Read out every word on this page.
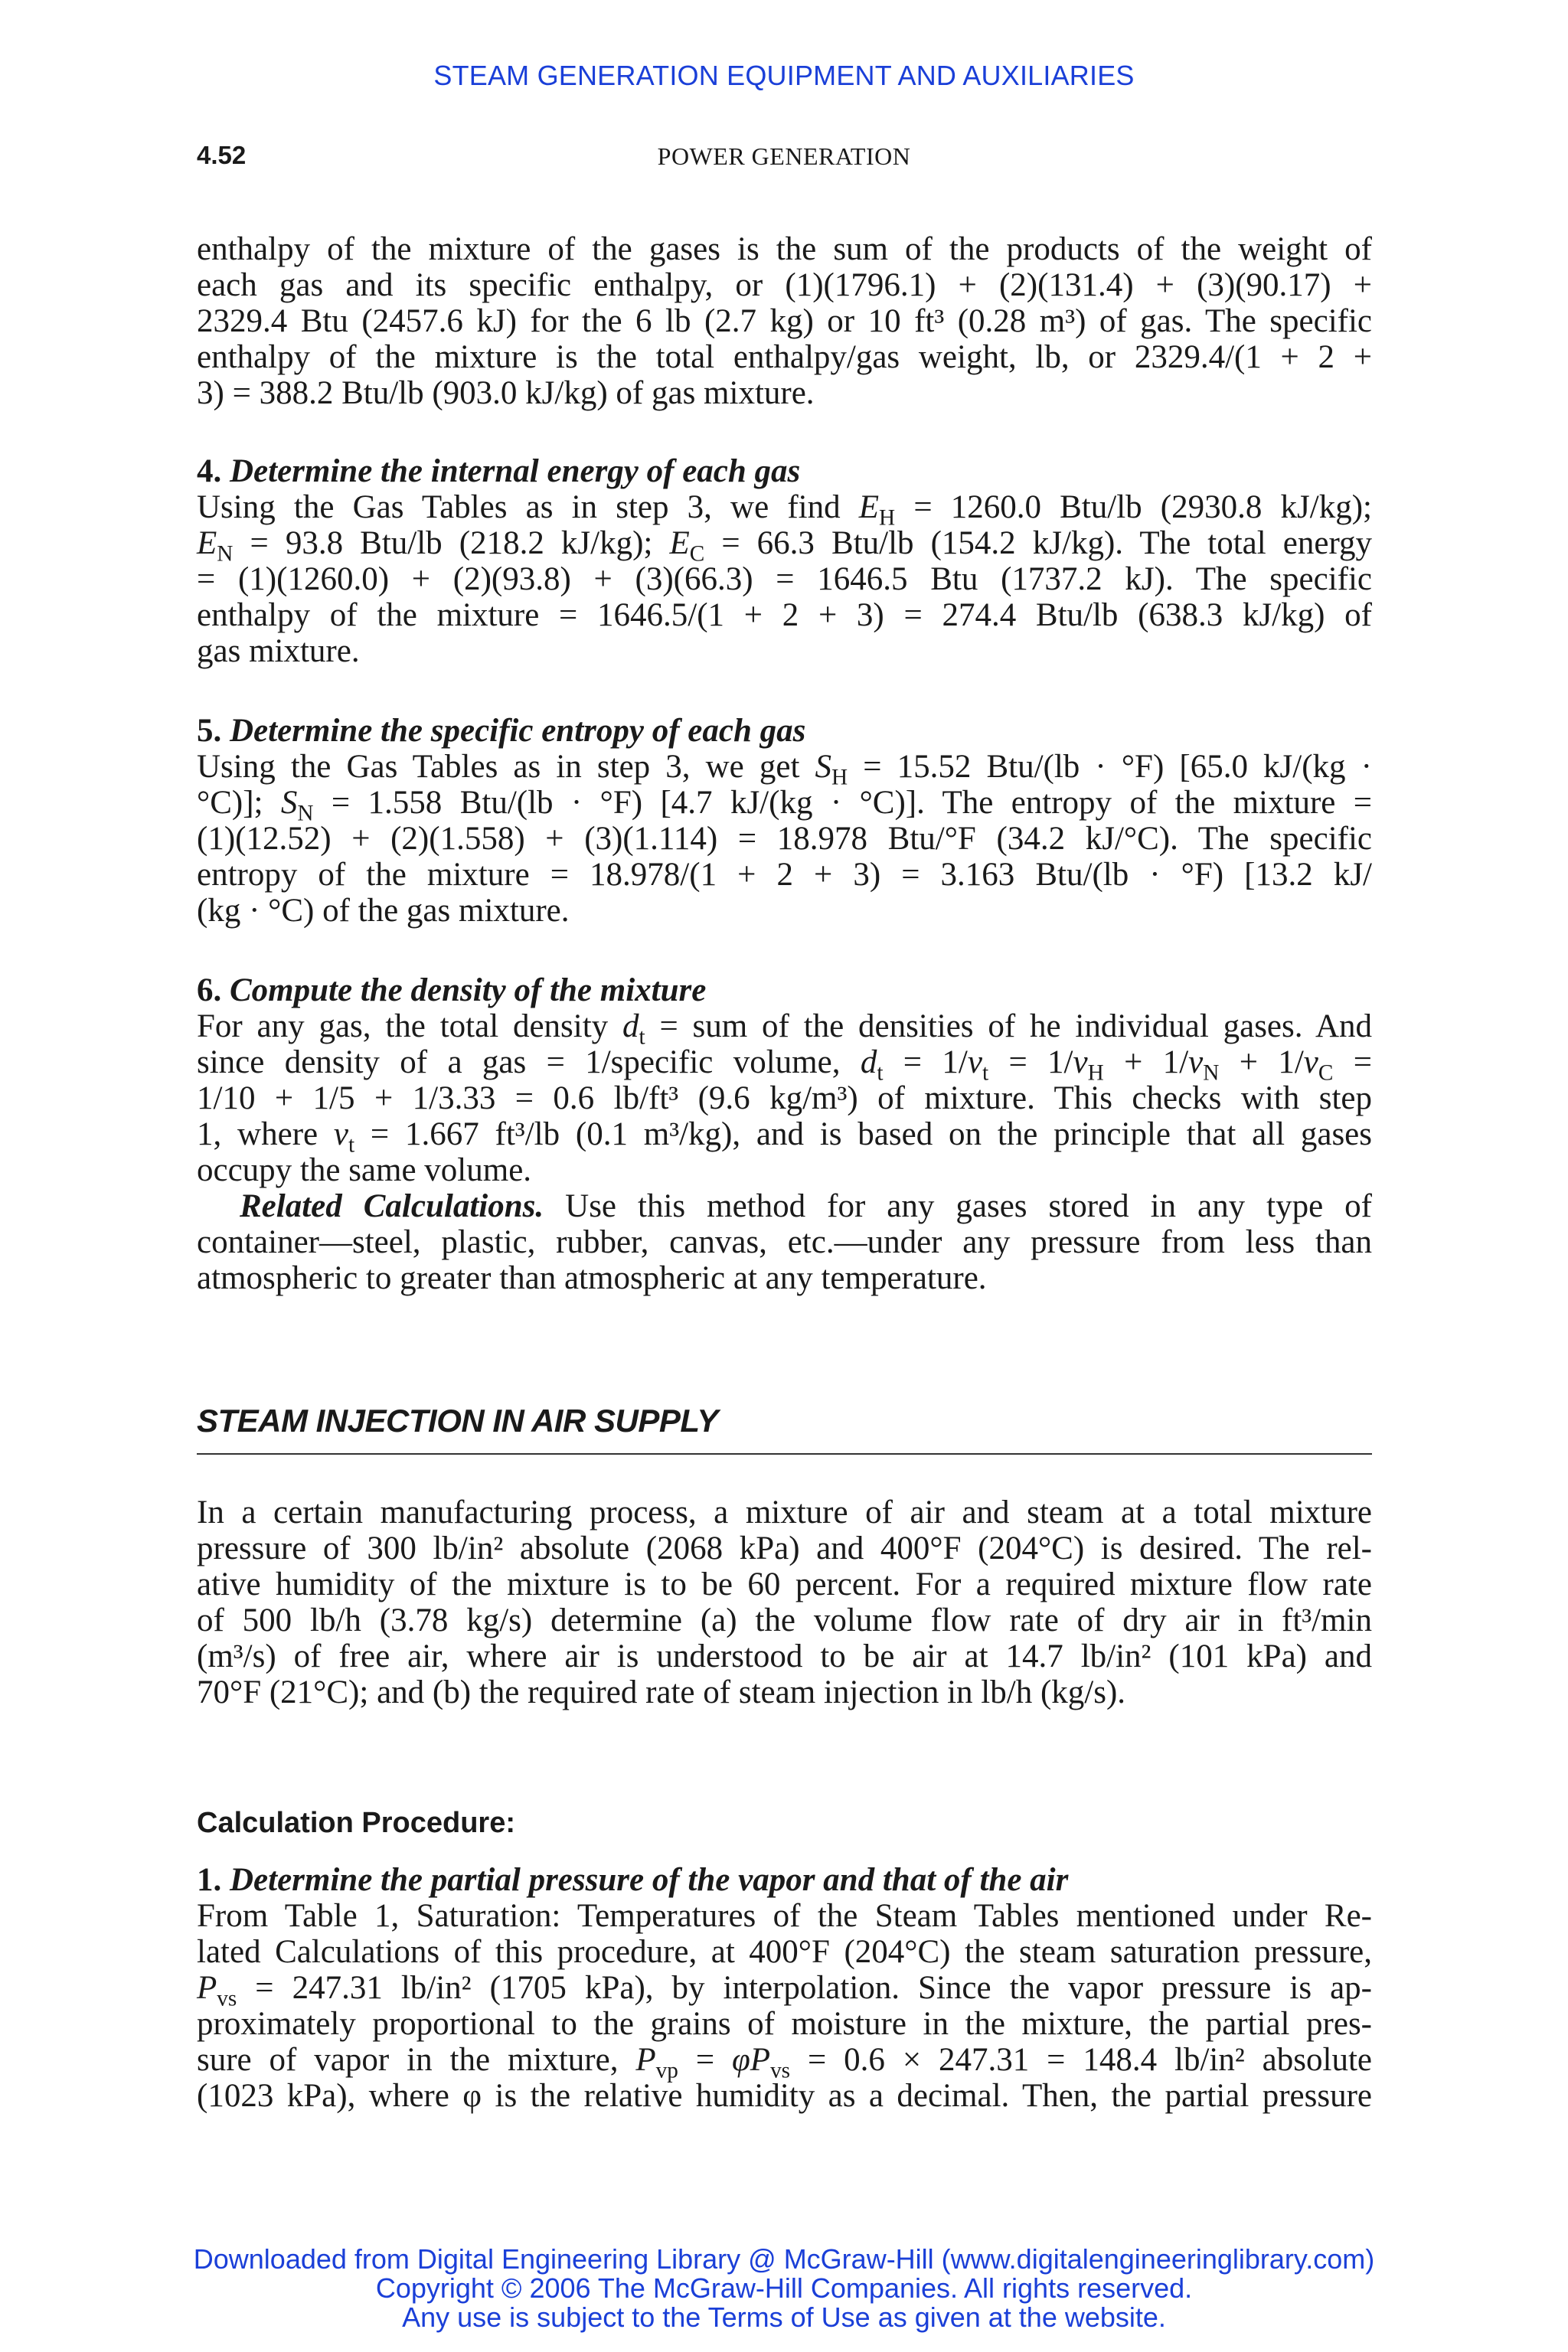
STEAM GENERATION EQUIPMENT AND AUXILIARIES
4.52	POWER GENERATION
enthalpy of the mixture of the gases is the sum of the products of the weight of
each gas and its specific enthalpy, or (1)(1796.1) + (2)(131.4) + (3)(90.17) +
2329.4 Btu (2457.6 kJ) for the 6 lb (2.7 kg) or 10 ft³ (0.28 m³) of gas. The specific
enthalpy of the mixture is the total enthalpy/gas weight, lb, or 2329.4/(1 + 2 +
3) = 388.2 Btu/lb (903.0 kJ/kg) of gas mixture.
4. Determine the internal energy of each gas
Using the Gas Tables as in step 3, we find $E_H = 1260.0$ Btu/lb (2930.8 kJ/kg);
$E_N = 93.8$ Btu/lb (218.2 kJ/kg); $E_C = 66.3$ Btu/lb (154.2 kJ/kg). The total energy
= (1)(1260.0) + (2)(93.8) + (3)(66.3) = 1646.5 Btu (1737.2 kJ). The specific
enthalpy of the mixture = 1646.5/(1 + 2 + 3) = 274.4 Btu/lb (638.3 kJ/kg) of
gas mixture.
5. Determine the specific entropy of each gas
Using the Gas Tables as in step 3, we get $S_H = 15.52$ Btu/(lb · °F) [65.0 kJ/(kg ·
°C)]; $S_N = 1.558$ Btu/(lb · °F) [4.7 kJ/(kg · °C)]. The entropy of the mixture =
(1)(12.52) + (2)(1.558) + (3)(1.114) = 18.978 Btu/°F (34.2 kJ/°C). The specific
entropy of the mixture = 18.978/(1 + 2 + 3) = 3.163 Btu/(lb · °F) [13.2 kJ/
(kg · °C) of the gas mixture.
6. Compute the density of the mixture
For any gas, the total density $d_t$ = sum of the densities of he individual gases. And
since density of a gas = 1/specific volume, $d_t = 1/v_t = 1/v_H + 1/v_N + 1/v_C$ =
1/10 + 1/5 + 1/3.33 = 0.6 lb/ft³ (9.6 kg/m³) of mixture. This checks with step
1, where $v_t = 1.667$ ft³/lb (0.1 m³/kg), and is based on the principle that all gases
occupy the same volume.
Related Calculations. Use this method for any gases stored in any type of
container—steel, plastic, rubber, canvas, etc.—under any pressure from less than
atmospheric to greater than atmospheric at any temperature.
STEAM INJECTION IN AIR SUPPLY
In a certain manufacturing process, a mixture of air and steam at a total mixture
pressure of 300 lb/in² absolute (2068 kPa) and 400°F (204°C) is desired. The rel-
ative humidity of the mixture is to be 60 percent. For a required mixture flow rate
of 500 lb/h (3.78 kg/s) determine (a) the volume flow rate of dry air in ft³/min
(m³/s) of free air, where air is understood to be air at 14.7 lb/in² (101 kPa) and
70°F (21°C); and (b) the required rate of steam injection in lb/h (kg/s).
Calculation Procedure:
1. Determine the partial pressure of the vapor and that of the air
From Table 1, Saturation: Temperatures of the Steam Tables mentioned under Re-
lated Calculations of this procedure, at 400°F (204°C) the steam saturation pressure,
$P_{vs} = 247.31$ lb/in² (1705 kPa), by interpolation. Since the vapor pressure is ap-
proximately proportional to the grains of moisture in the mixture, the partial pres-
sure of vapor in the mixture, $P_{vp} = \varphi P_{vs} = 0.6 \times 247.31 = 148.4$ lb/in² absolute
(1023 kPa), where φ is the relative humidity as a decimal. Then, the partial pressure
Downloaded from Digital Engineering Library @ McGraw-Hill (www.digitalengineeringlibrary.com)
Copyright © 2006 The McGraw-Hill Companies. All rights reserved.
Any use is subject to the Terms of Use as given at the website.
